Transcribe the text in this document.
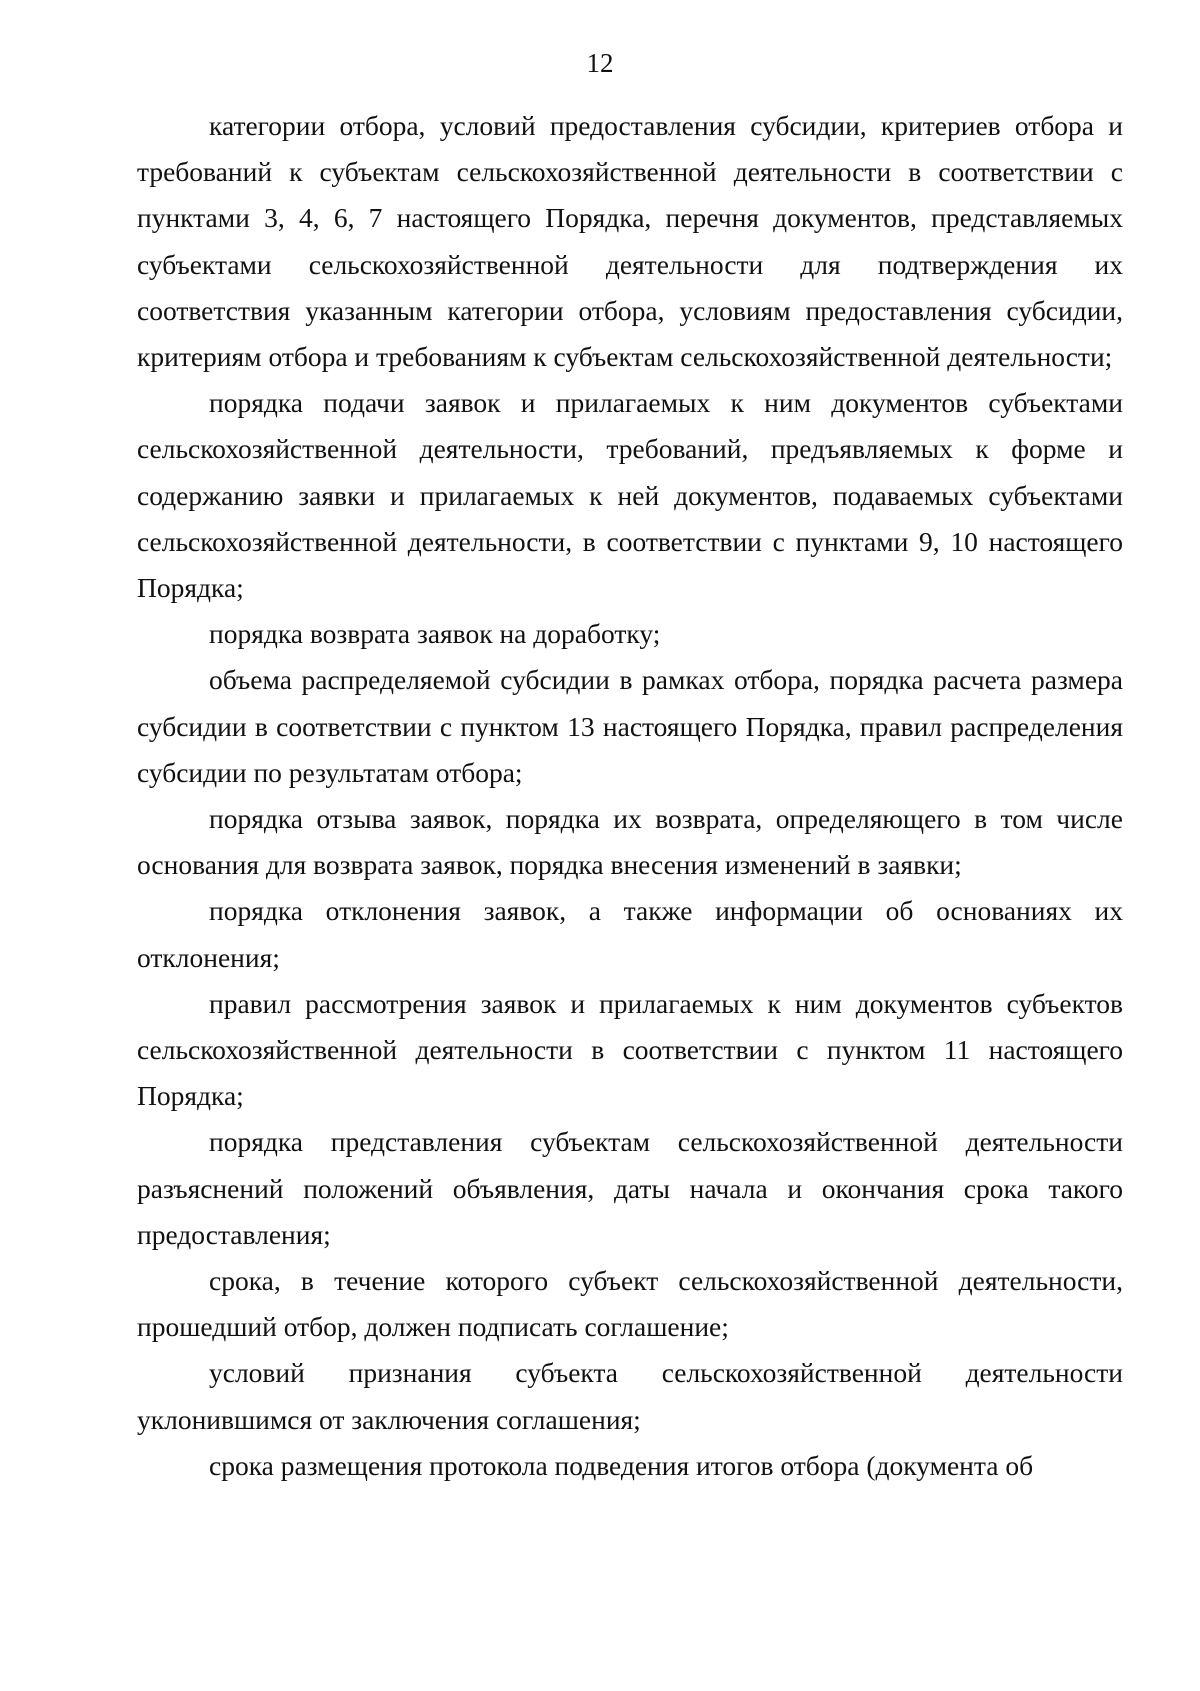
12

категории отбора, условий предоставления субсидии, критериев отбора и требований к субъектам сельскохозяйственной деятельности в соответствии с пунктами 3, 4, 6, 7 настоящего Порядка, перечня документов, представляемых субъектами сельскохозяйственной деятельности для подтверждения их соответствия указанным категории отбора, условиям предоставления субсидии, критериям отбора и требованиям к субъектам сельскохозяйственной деятельности;

порядка подачи заявок и прилагаемых к ним документов субъектами сельскохозяйственной деятельности, требований, предъявляемых к форме и содержанию заявки и прилагаемых к ней документов, подаваемых субъектами сельскохозяйственной деятельности, в соответствии с пунктами 9, 10 настоящего Порядка;

порядка возврата заявок на доработку;

объема распределяемой субсидии в рамках отбора, порядка расчета размера субсидии в соответствии с пунктом 13 настоящего Порядка, правил распределения субсидии по результатам отбора;

порядка отзыва заявок, порядка их возврата, определяющего в том числе основания для возврата заявок, порядка внесения изменений в заявки;

порядка отклонения заявок, а также информации об основаниях их отклонения;

правил рассмотрения заявок и прилагаемых к ним документов субъектов сельскохозяйственной деятельности в соответствии с пунктом 11 настоящего Порядка;

порядка представления субъектам сельскохозяйственной деятельности разъяснений положений объявления, даты начала и окончания срока такого предоставления;

срока, в течение которого субъект сельскохозяйственной деятельности, прошедший отбор, должен подписать соглашение;

условий признания субъекта сельскохозяйственной деятельности уклонившимся от заключения соглашения;

срока размещения протокола подведения итогов отбора (документа об
